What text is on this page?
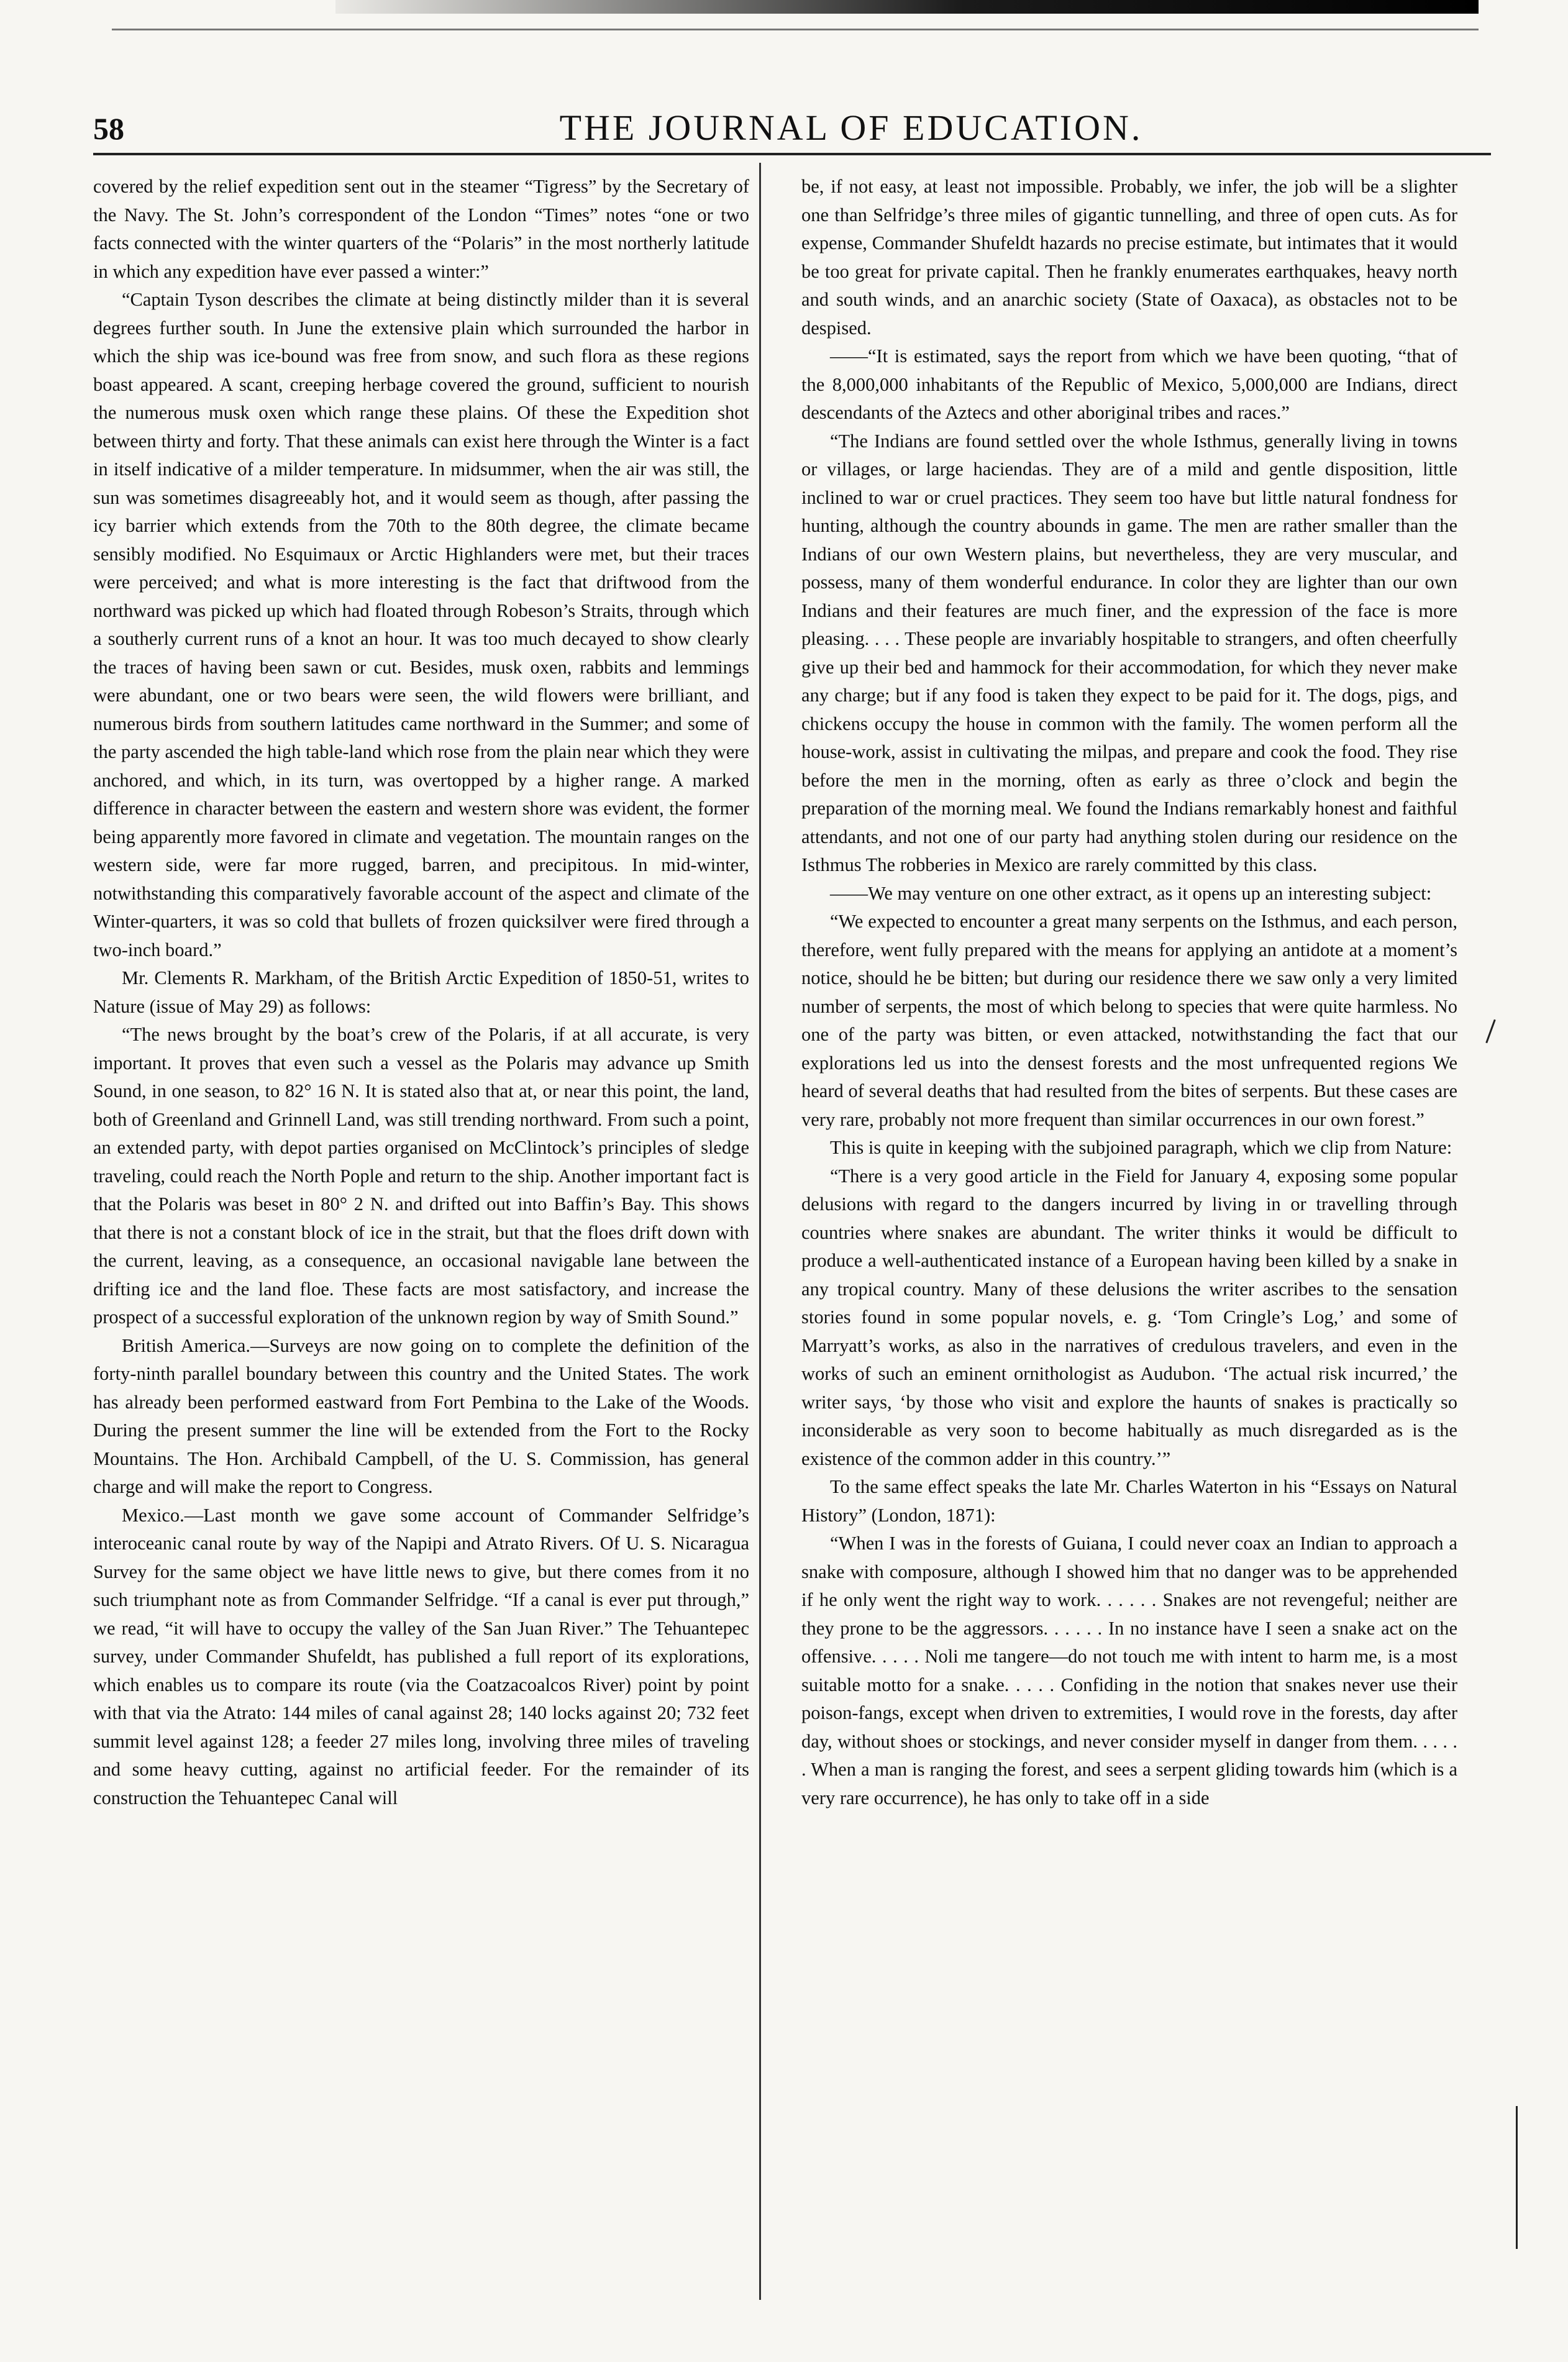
58	THE JOURNAL OF EDUCATION.

covered by the relief expedition sent out in the steamer “Tigress” by the Secretary of the Navy. The St. John’s correspondent of the London “Times” notes “one or two facts connected with the winter quarters of the “Polaris” in the most northerly latitude in which any expedition have ever passed a winter:”

“Captain Tyson describes the climate at being distinctly milder than it is several degrees further south. In June the extensive plain which surrounded the harbor in which the ship was ice-bound was free from snow, and such flora as these regions boast appeared. A scant, creeping herbage covered the ground, sufficient to nourish the numerous musk oxen which range these plains. Of these the Expedition shot between thirty and forty. That these animals can exist here through the Winter is a fact in itself indicative of a milder temperature. In midsummer, when the air was still, the sun was sometimes disagreeably hot, and it would seem as though, after passing the icy barrier which extends from the 70th to the 80th degree, the climate became sensibly modified. No Esquimaux or Arctic Highlanders were met, but their traces were perceived; and what is more interesting is the fact that driftwood from the northward was picked up which had floated through Robeson’s Straits, through which a southerly current runs of a knot an hour. It was too much decayed to show clearly the traces of having been sawn or cut. Besides, musk oxen, rabbits and lemmings were abundant, one or two bears were seen, the wild flowers were brilliant, and numerous birds from southern latitudes came northward in the Summer; and some of the party ascended the high table-land which rose from the plain near which they were anchored, and which, in its turn, was overtopped by a higher range. A marked difference in character between the eastern and western shore was evident, the former being apparently more favored in climate and vegetation. The mountain ranges on the western side, were far more rugged, barren, and precipitous. In mid-winter, notwithstanding this comparatively favorable account of the aspect and climate of the Winter-quarters, it was so cold that bullets of frozen quicksilver were fired through a two-inch board.”

Mr. Clements R. Markham, of the British Arctic Expedition of 1850-51, writes to Nature (issue of May 29) as follows:

“The news brought by the boat’s crew of the Polaris, if at all accurate, is very important. It proves that even such a vessel as the Polaris may advance up Smith Sound, in one season, to 82° 16 N. It is stated also that at, or near this point, the land, both of Greenland and Grinnell Land, was still trending northward. From such a point, an extended party, with depot parties organised on McClintock’s principles of sledge traveling, could reach the North Pople and return to the ship. Another important fact is that the Polaris was beset in 80° 2 N. and drifted out into Baffin’s Bay. This shows that there is not a constant block of ice in the strait, but that the floes drift down with the current, leaving, as a consequence, an occasional navigable lane between the drifting ice and the land floe. These facts are most satisfactory, and increase the prospect of a successful exploration of the unknown region by way of Smith Sound.”

British America.—Surveys are now going on to complete the definition of the forty-ninth parallel boundary between this country and the United States. The work has already been performed eastward from Fort Pembina to the Lake of the Woods. During the present summer the line will be extended from the Fort to the Rocky Mountains. The Hon. Archibald Campbell, of the U. S. Commission, has general charge and will make the report to Congress.

Mexico.—Last month we gave some account of Commander Selfridge’s interoceanic canal route by way of the Napipi and Atrato Rivers. Of U. S. Nicaragua Survey for the same object we have little news to give, but there comes from it no such triumphant note as from Commander Selfridge. “If a canal is ever put through,” we read, “it will have to occupy the valley of the San Juan River.” The Tehuantepec survey, under Commander Shufeldt, has published a full report of its explorations, which enables us to compare its route (via the Coatzacoalcos River) point by point with that via the Atrato: 144 miles of canal against 28; 140 locks against 20; 732 feet summit level against 128; a feeder 27 miles long, involving three miles of traveling and some heavy cutting, against no artificial feeder. For the remainder of its construction the Tehuantepec Canal will

be, if not easy, at least not impossible. Probably, we infer, the job will be a slighter one than Selfridge’s three miles of gigantic tunnelling, and three of open cuts. As for expense, Commander Shufeldt hazards no precise estimate, but intimates that it would be too great for private capital. Then he frankly enumerates earthquakes, heavy north and south winds, and an anarchic society (State of Oaxaca), as obstacles not to be despised.

——“It is estimated, says the report from which we have been quoting, “that of the 8,000,000 inhabitants of the Republic of Mexico, 5,000,000 are Indians, direct descendants of the Aztecs and other aboriginal tribes and races.”

“The Indians are found settled over the whole Isthmus, generally living in towns or villages, or large haciendas. They are of a mild and gentle disposition, little inclined to war or cruel practices. They seem too have but little natural fondness for hunting, although the country abounds in game. The men are rather smaller than the Indians of our own Western plains, but nevertheless, they are very muscular, and possess, many of them wonderful endurance. In color they are lighter than our own Indians and their features are much finer, and the expression of the face is more pleasing. . . . These people are invariably hospitable to strangers, and often cheerfully give up their bed and hammock for their accommodation, for which they never make any charge; but if any food is taken they expect to be paid for it. The dogs, pigs, and chickens occupy the house in common with the family. The women perform all the house-work, assist in cultivating the milpas, and prepare and cook the food. They rise before the men in the morning, often as early as three o’clock and begin the preparation of the morning meal. We found the Indians remarkably honest and faithful attendants, and not one of our party had anything stolen during our residence on the Isthmus The robberies in Mexico are rarely committed by this class.

——We may venture on one other extract, as it opens up an interesting subject:

“We expected to encounter a great many serpents on the Isthmus, and each person, therefore, went fully prepared with the means for applying an antidote at a moment’s notice, should he be bitten; but during our residence there we saw only a very limited number of serpents, the most of which belong to species that were quite harmless. No one of the party was bitten, or even attacked, notwithstanding the fact that our explorations led us into the densest forests and the most unfrequented regions We heard of several deaths that had resulted from the bites of serpents. But these cases are very rare, probably not more frequent than similar occurrences in our own forest.”

This is quite in keeping with the subjoined paragraph, which we clip from Nature:

“There is a very good article in the Field for January 4, exposing some popular delusions with regard to the dangers incurred by living in or travelling through countries where snakes are abundant. The writer thinks it would be difficult to produce a well-authenticated instance of a European having been killed by a snake in any tropical country. Many of these delusions the writer ascribes to the sensation stories found in some popular novels, e. g. ‘Tom Cringle’s Log,’ and some of Marryatt’s works, as also in the narratives of credulous travelers, and even in the works of such an eminent ornithologist as Audubon. ‘The actual risk incurred,’ the writer says, ‘by those who visit and explore the haunts of snakes is practically so inconsiderable as very soon to become habitually as much disregarded as is the existence of the common adder in this country.’”

To the same effect speaks the late Mr. Charles Waterton in his “Essays on Natural History” (London, 1871):

“When I was in the forests of Guiana, I could never coax an Indian to approach a snake with composure, although I showed him that no danger was to be apprehended if he only went the right way to work. . . . . . Snakes are not revengeful; neither are they prone to be the aggressors. . . . . . In no instance have I seen a snake act on the offensive. . . . . Noli me tangere—do not touch me with intent to harm me, is a most suitable motto for a snake. . . . . Confiding in the notion that snakes never use their poison-fangs, except when driven to extremities, I would rove in the forests, day after day, without shoes or stockings, and never consider myself in danger from them. . . . . . When a man is ranging the forest, and sees a serpent gliding towards him (which is a very rare occurrence), he has only to take off in a side
